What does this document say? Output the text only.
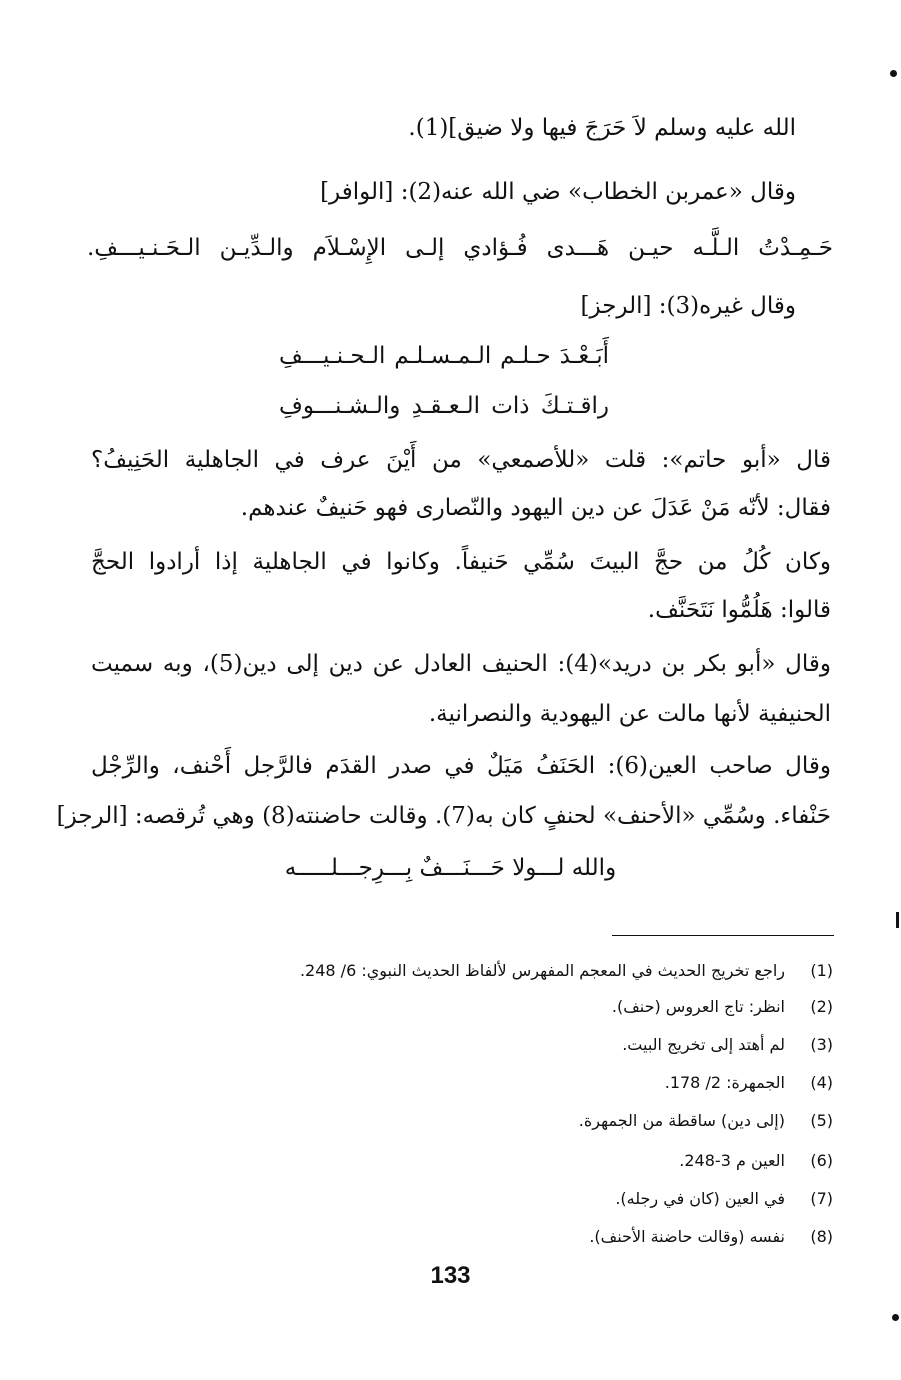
الله عليه وسلم لاَ حَرَجَ فيها ولا ضيق](1).
وقال «عمربن الخطاب» ضي الله عنه(2): [الوافر]
حَـمِـدْتُ الـلَّـه حيـن هَـــدى فُـؤادي إلـى الإِسْـلاَم والـدِّيـن الـحَـنـيـــفِ.
وقال غيره(3): [الرجز]
أَبَـعْـدَ حـلـم الـمـسـلـم الـحـنـيـــفِ
راقـتـكَ ذات الـعـقـدِ والـشـنـــوفِ
قال «أبو حاتم»: قلت «للأصمعي» من أَيْنَ عرف في الجاهلية الحَنِيفُ؟
فقال: لأنّه مَنْ عَدَلَ عن دين اليهود والنّصارى فهو حَنيفٌ عندهم.
وكان كُلُ من حجَّ البيتَ سُمِّي حَنيفاً. وكانوا في الجاهلية إذا أرادوا الحجَّ
قالوا: هَلُمُّوا نَتَحَنَّف.
وقال «أبو بكر بن دريد»(4): الحنيف العادل عن دين إلى دين(5)، وبه سميت
الحنيفية لأنها مالت عن اليهودية والنصرانية.
وقال صاحب العين(6): الحَنَفُ مَيَلٌ في صدر القدَم فالرَّجل أَحْنف، والرِّجْل
حَنْفاء. وسُمِّي «الأحنف» لحنفٍ كان به(7). وقالت حاضنته(8) وهي تُرقصه: [الرجز]
والله لـــولا حَـــنَـــفٌ بِـــرِجـــلـــــه
(1)راجع تخريج الحديث في المعجم المفهرس لألفاظ الحديث النبوي: 6/ 248.
(2)انظر: تاج العروس (حنف).
(3)لم أهتد إلى تخريج البيت.
(4)الجمهرة: 2/ 178.
(5)(إلى دين) ساقطة من الجمهرة.
(6)العين م 3-248.
(7)في العين (كان في رجله).
(8)نفسه (وقالت حاضنة الأحنف).
133
